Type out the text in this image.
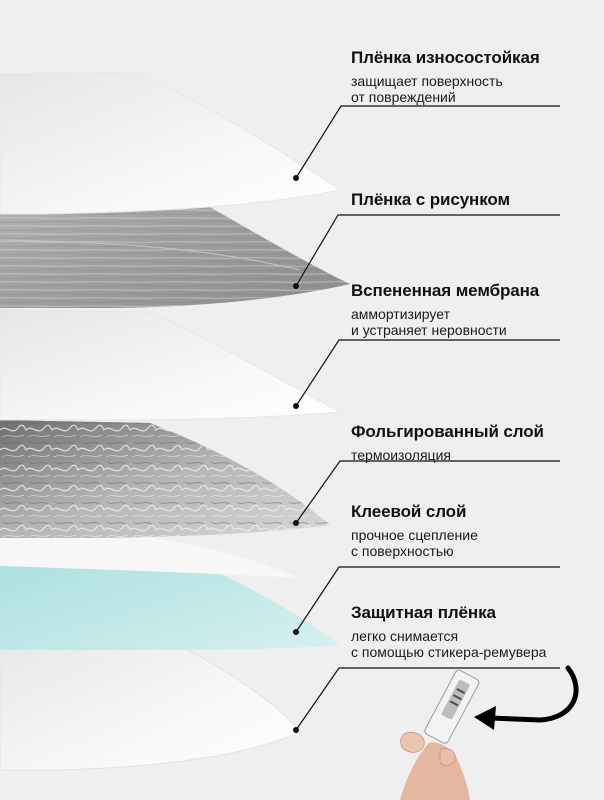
Плёнка износостойкая
защищает поверхность
от повреждений
Плёнка с рисунком
Вспененная мембрана
аммортизирует
и устраняет неровности
Фольгированный слой
термоизоляция
Клеевой слой
прочное сцепление
с поверхностью
Защитная плёнка
легко снимается
с помощью стикера-ремувера
